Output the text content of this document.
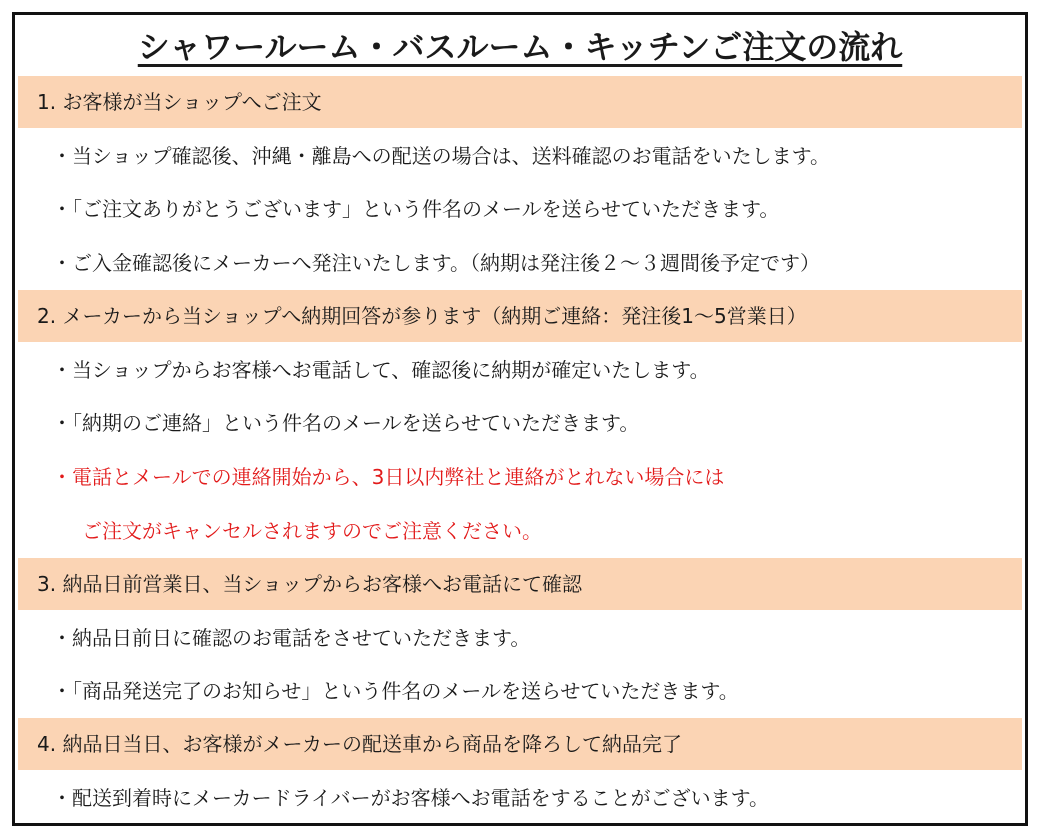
シャワールーム・バスルーム・キッチンご注文の流れ
1. お客様が当ショップへご注文
・当ショップ確認後、沖縄・離島への配送の場合は、送料確認のお電話をいたします。
・「ご注文ありがとうございます」という件名のメールを送らせていただきます。
・ご入金確認後にメーカーへ発注いたします。（納期は発注後２～３週間後予定です）
2. メーカーから当ショップへ納期回答が参ります（納期ご連絡：発注後1～5営業日）
・当ショップからお客様へお電話して、確認後に納期が確定いたします。
・「納期のご連絡」という件名のメールを送らせていただきます。
・電話とメールでの連絡開始から、3日以内弊社と連絡がとれない場合には
ご注文がキャンセルされますのでご注意ください。
3. 納品日前営業日、当ショップからお客様へお電話にて確認
・納品日前日に確認のお電話をさせていただきます。
・「商品発送完了のお知らせ」という件名のメールを送らせていただきます。
4. 納品日当日、お客様がメーカーの配送車から商品を降ろして納品完了
・配送到着時にメーカードライバーがお客様へお電話をすることがございます。
